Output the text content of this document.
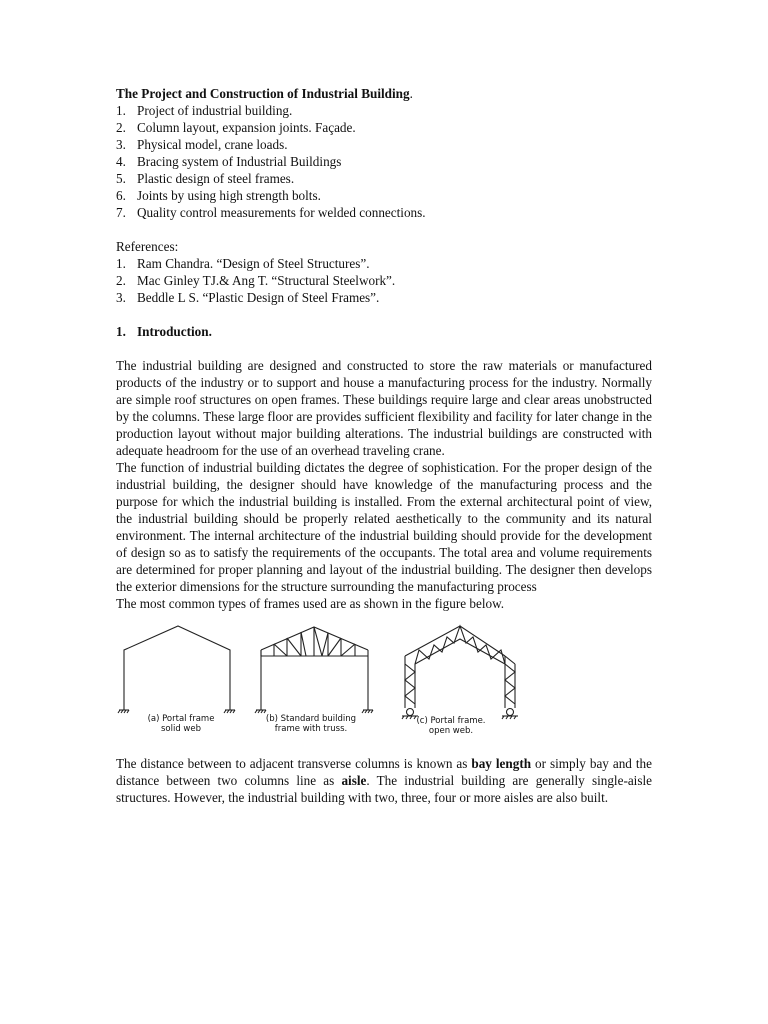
The Project and Construction of Industrial Building.

1. Project of industrial building.
2. Column layout, expansion joints. Façade.
3. Physical model, crane loads.
4. Bracing system of Industrial Buildings
5. Plastic design of steel frames.
6. Joints by using high strength bolts.
7. Quality control measurements for welded connections.

References:

1. Ram Chandra. “Design of Steel Structures”.
2. Mac Ginley TJ.& Ang T. “Structural Steelwork”.
3. Beddle L S. “Plastic Design of Steel Frames”.

1. Introduction.

The industrial building are designed and constructed to store the raw materials or manufactured products of the industry or to support and house a manufacturing process for the industry. Normally are simple roof structures on open frames. These buildings require large and clear areas unobstructed by the columns. These large floor are provides sufficient flexibility and facility for later change in the production layout without major building alterations. The industrial buildings are constructed with adequate headroom for the use of an overhead traveling crane.

The function of industrial building dictates the degree of sophistication. For the proper design of the industrial building, the designer should have knowledge of the manufacturing process and the purpose for which the industrial building is installed. From the external architectural point of view, the industrial building should be properly related aesthetically to the community and its natural environment. The internal architecture of the industrial building should provide for the development of design so as to satisfy the requirements of the occupants. The total area and volume requirements are determined for proper planning and layout of the industrial building. The designer then develops the exterior dimensions for the structure surrounding the manufacturing process

The most common types of frames used are as shown in the figure below.

(a) Portal frame
solid web
(b) Standard building
frame with truss.
(c) Portal frame.
open web.

The distance between to adjacent transverse columns is known as bay length or simply bay and the distance between two columns line as aisle. The industrial building are generally single-aisle structures. However, the industrial building with two, three, four or more aisles are also built.
